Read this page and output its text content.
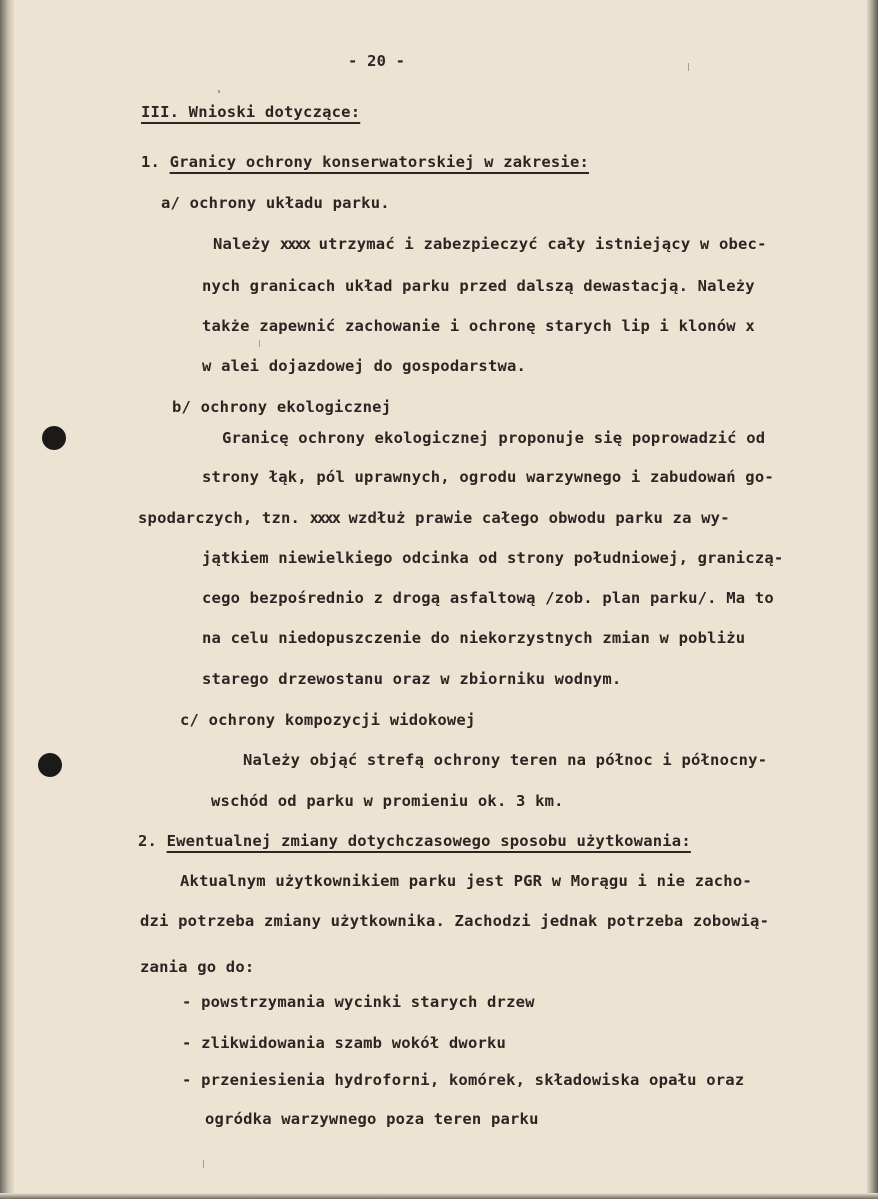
- 20 -
III. Wnioski dotyczące:
1. Granicy ochrony konserwatorskiej w zakresie:
a/ ochrony układu parku.
Należy xxxx utrzymać i zabezpieczyć cały istniejący w obec-
nych granicach układ parku przed dalszą dewastacją. Należy
także zapewnić zachowanie i ochronę starych lip i klonów x
w alei dojazdowej do gospodarstwa.
b/ ochrony ekologicznej
Granicę ochrony ekologicznej proponuje się poprowadzić od
strony łąk, pól uprawnych, ogrodu warzywnego i zabudowań go-
spodarczych, tzn. xxxx wzdłuż prawie całego obwodu parku za wy-
jątkiem niewielkiego odcinka od strony południowej, graniczą-
cego bezpośrednio z drogą asfaltową /zob. plan parku/. Ma to
na celu niedopuszczenie do niekorzystnych zmian w pobliżu
starego drzewostanu oraz w zbiorniku wodnym.
c/ ochrony kompozycji widokowej
Należy objąć strefą ochrony teren na północ i północny-
wschód od parku w promieniu ok. 3 km.
2. Ewentualnej zmiany dotychczasowego sposobu użytkowania:
Aktualnym użytkownikiem parku jest PGR w Morągu i nie zacho-
dzi potrzeba zmiany użytkownika. Zachodzi jednak potrzeba zobowią-
zania go do:
- powstrzymania wycinki starych drzew
- zlikwidowania szamb wokół dworku
- przeniesienia hydroforni, komórek, składowiska opału oraz
ogródka warzywnego poza teren parku
